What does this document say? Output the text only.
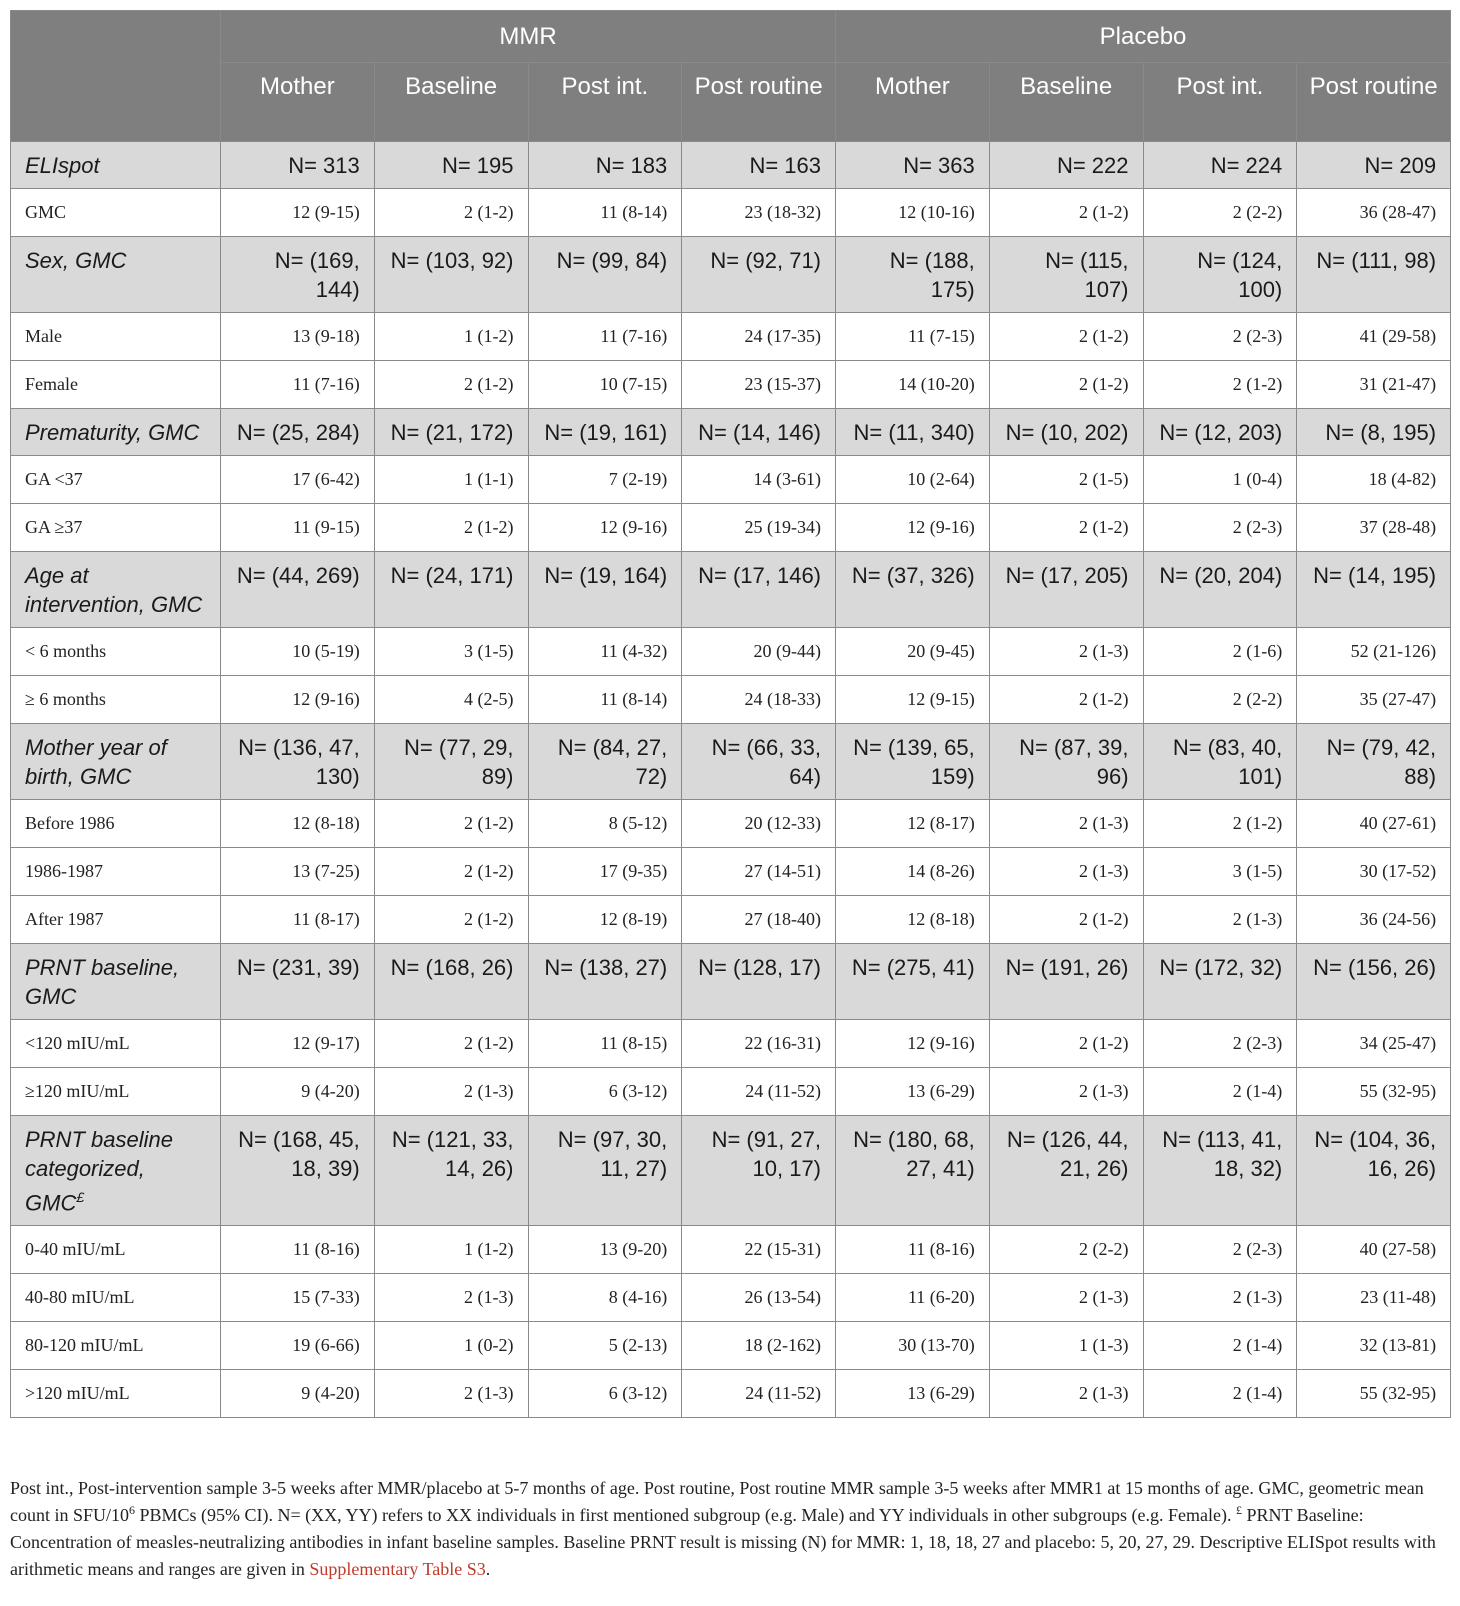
	MMR				Placebo			
	Mother	Baseline	Post int.	Post routine	Mother	Baseline	Post int.	Post routine
ELIspot	N= 313	N= 195	N= 183	N= 163	N= 363	N= 222	N= 224	N= 209
GMC	12 (9-15)	2 (1-2)	11 (8-14)	23 (18-32)	12 (10-16)	2 (1-2)	2 (2-2)	36 (28-47)
Sex, GMC	N= (169, 144)	N= (103, 92)	N= (99, 84)	N= (92, 71)	N= (188, 175)	N= (115, 107)	N= (124, 100)	N= (111, 98)
Male	13 (9-18)	1 (1-2)	11 (7-16)	24 (17-35)	11 (7-15)	2 (1-2)	2 (2-3)	41 (29-58)
Female	11 (7-16)	2 (1-2)	10 (7-15)	23 (15-37)	14 (10-20)	2 (1-2)	2 (1-2)	31 (21-47)
Prematurity, GMC	N= (25, 284)	N= (21, 172)	N= (19, 161)	N= (14, 146)	N= (11, 340)	N= (10, 202)	N= (12, 203)	N= (8, 195)
GA <37	17 (6-42)	1 (1-1)	7 (2-19)	14 (3-61)	10 (2-64)	2 (1-5)	1 (0-4)	18 (4-82)
GA ≥37	11 (9-15)	2 (1-2)	12 (9-16)	25 (19-34)	12 (9-16)	2 (1-2)	2 (2-3)	37 (28-48)
Age at intervention, GMC	N= (44, 269)	N= (24, 171)	N= (19, 164)	N= (17, 146)	N= (37, 326)	N= (17, 205)	N= (20, 204)	N= (14, 195)
< 6 months	10 (5-19)	3 (1-5)	11 (4-32)	20 (9-44)	20 (9-45)	2 (1-3)	2 (1-6)	52 (21-126)
≥ 6 months	12 (9-16)	4 (2-5)	11 (8-14)	24 (18-33)	12 (9-15)	2 (1-2)	2 (2-2)	35 (27-47)
Mother year of birth, GMC	N= (136, 47, 130)	N= (77, 29, 89)	N= (84, 27, 72)	N= (66, 33, 64)	N= (139, 65, 159)	N= (87, 39, 96)	N= (83, 40, 101)	N= (79, 42, 88)
Before 1986	12 (8-18)	2 (1-2)	8 (5-12)	20 (12-33)	12 (8-17)	2 (1-3)	2 (1-2)	40 (27-61)
1986-1987	13 (7-25)	2 (1-2)	17 (9-35)	27 (14-51)	14 (8-26)	2 (1-3)	3 (1-5)	30 (17-52)
After 1987	11 (8-17)	2 (1-2)	12 (8-19)	27 (18-40)	12 (8-18)	2 (1-2)	2 (1-3)	36 (24-56)
PRNT baseline, GMC	N= (231, 39)	N= (168, 26)	N= (138, 27)	N= (128, 17)	N= (275, 41)	N= (191, 26)	N= (172, 32)	N= (156, 26)
<120 mIU/mL	12 (9-17)	2 (1-2)	11 (8-15)	22 (16-31)	12 (9-16)	2 (1-2)	2 (2-3)	34 (25-47)
≥120 mIU/mL	9 (4-20)	2 (1-3)	6 (3-12)	24 (11-52)	13 (6-29)	2 (1-3)	2 (1-4)	55 (32-95)
PRNT baseline categorized, GMC£	N= (168, 45, 18, 39)	N= (121, 33, 14, 26)	N= (97, 30, 11, 27)	N= (91, 27, 10, 17)	N= (180, 68, 27, 41)	N= (126, 44, 21, 26)	N= (113, 41, 18, 32)	N= (104, 36, 16, 26)
0-40 mIU/mL	11 (8-16)	1 (1-2)	13 (9-20)	22 (15-31)	11 (8-16)	2 (2-2)	2 (2-3)	40 (27-58)
40-80 mIU/mL	15 (7-33)	2 (1-3)	8 (4-16)	26 (13-54)	11 (6-20)	2 (1-3)	2 (1-3)	23 (11-48)
80-120 mIU/mL	19 (6-66)	1 (0-2)	5 (2-13)	18 (2-162)	30 (13-70)	1 (1-3)	2 (1-4)	32 (13-81)
>120 mIU/mL	9 (4-20)	2 (1-3)	6 (3-12)	24 (11-52)	13 (6-29)	2 (1-3)	2 (1-4)	55 (32-95)
Post int., Post-intervention sample 3-5 weeks after MMR/placebo at 5-7 months of age. Post routine, Post routine MMR sample 3-5 weeks after MMR1 at 15 months of age. GMC, geometric mean count in SFU/$10^6$ PBMCs (95% CI). N= (XX, YY) refers to XX individuals in first mentioned subgroup (e.g. Male) and YY individuals in other subgroups (e.g. Female). £ PRNT Baseline: Concentration of measles-neutralizing antibodies in infant baseline samples. Baseline PRNT result is missing (N) for MMR: 1, 18, 18, 27 and placebo: 5, 20, 27, 29. Descriptive ELISpot results with arithmetic means and ranges are given in Supplementary Table S3.
